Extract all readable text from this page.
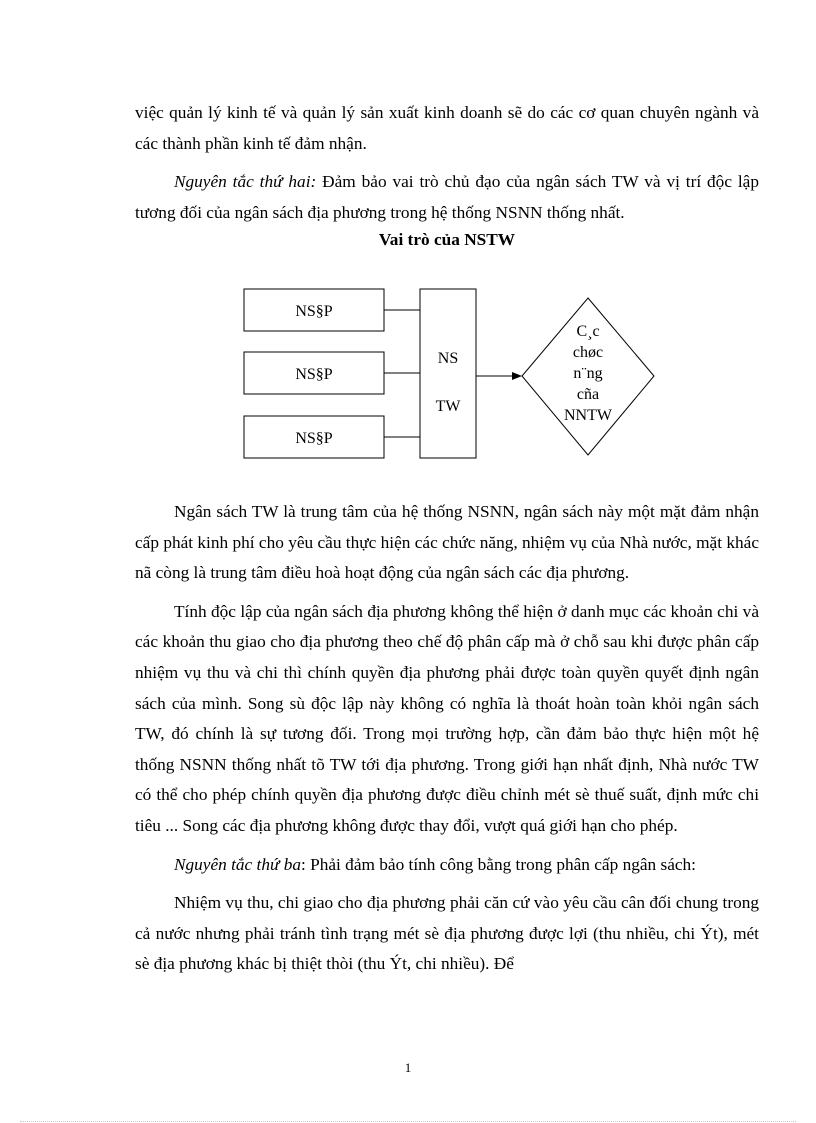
việc quản lý kinh tế và quản lý sản xuất kinh doanh sẽ do các cơ quan chuyên ngành và các thành phần kinh tế đảm nhận.

Nguyên tắc thứ hai: Đảm bảo vai trò chủ đạo của ngân sách TW và vị trí độc lập tương đối của ngân sách địa phương trong hệ thống NSNN thống nhất.

Vai trò của NSTW
NS§P
NS§P
NS§P
NS
TW
C¸c
chøc
n¨ng
cña
NNTW

Ngân sách TW là trung tâm của hệ thống NSNN, ngân sách này một mặt đảm nhận cấp phát kinh phí cho yêu cầu thực hiện các chức năng, nhiệm vụ của Nhà nước, mặt khác nã còng là trung tâm điều hoà hoạt động của ngân sách các địa phương.

Tính độc lập của ngân sách địa phương không thể hiện ở danh mục các khoản chi và các khoản thu giao cho địa phương theo chế độ phân cấp mà ở chỗ sau khi được phân cấp nhiệm vụ thu và chi thì chính quyền địa phương phải được toàn quyền quyết định ngân sách của mình. Song sù độc lập này không có nghĩa là thoát hoàn toàn khỏi ngân sách TW, đó chính là sự tương đối. Trong mọi trường hợp, cần đảm bảo thực hiện một hệ thống NSNN thống nhất tõ TW tới địa phương. Trong giới hạn nhất định, Nhà nước TW có thể cho phép chính quyền địa phương được điều chỉnh mét sè thuế suất, định mức chi tiêu ... Song các địa phương không được thay đổi, vượt quá giới hạn cho phép.

Nguyên tắc thứ ba: Phải đảm bảo tính công bằng trong phân cấp ngân sách:

Nhiệm vụ thu, chi giao cho địa phương phải căn cứ vào yêu cầu cân đối chung trong cả nước nhưng phải tránh tình trạng mét sè địa phương được lợi (thu nhiều, chi Ýt), mét sè địa phương khác bị thiệt thòi (thu Ýt, chi nhiều). Để

1
